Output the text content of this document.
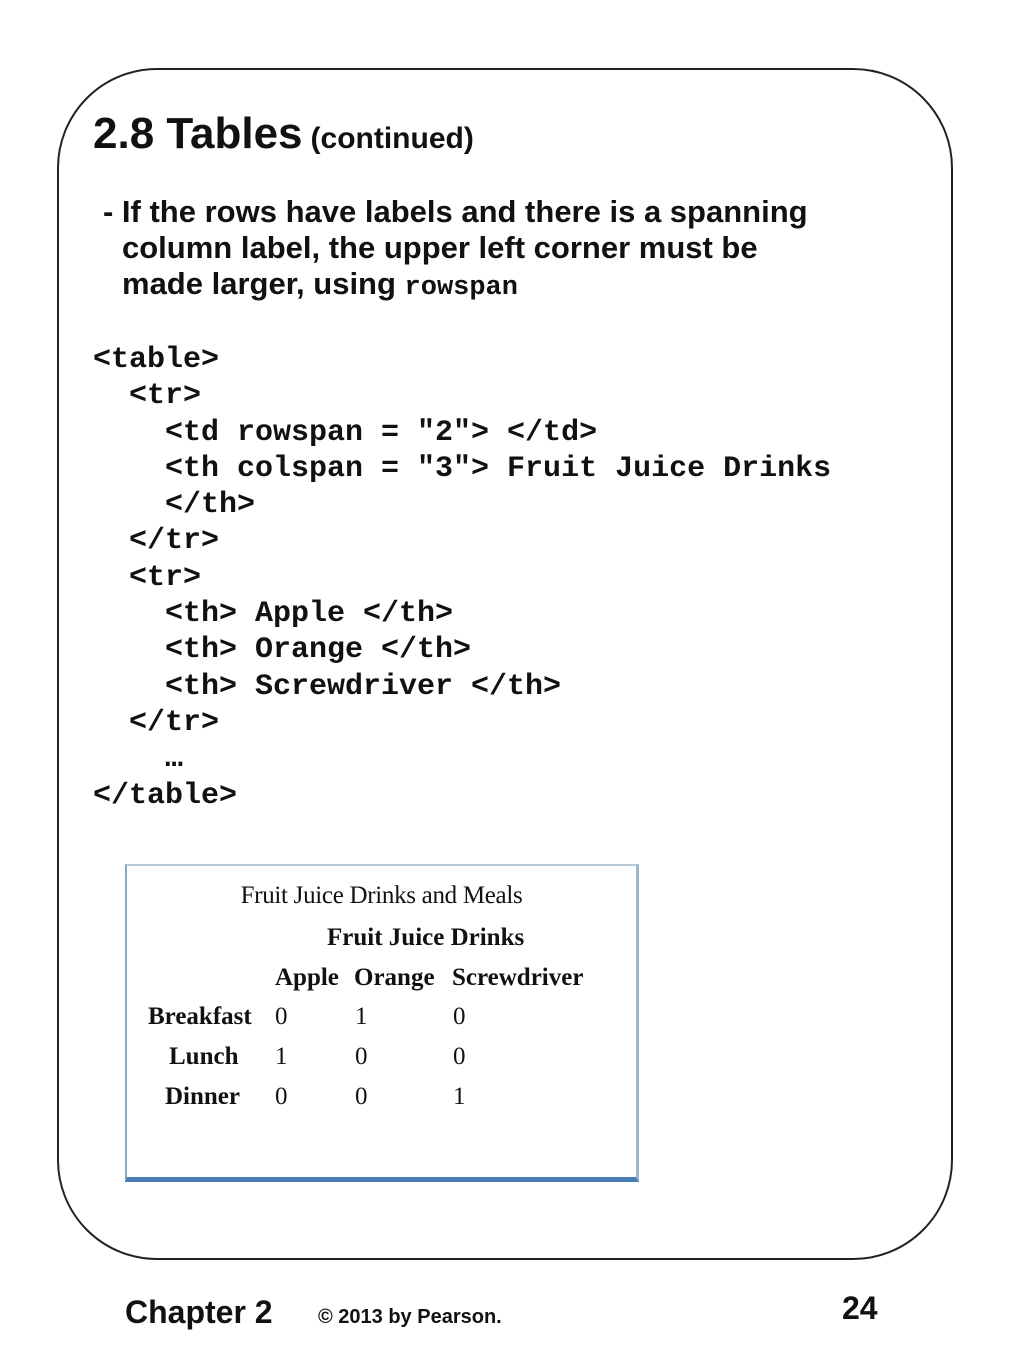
2.8 Tables (continued)

- If the rows have labels and there is a spanning
column label, the upper left corner must be
made larger, using rowspan

<table>
<tr>
<td rowspan = "2"> </td>
<th colspan = "3"> Fruit Juice Drinks
</th>
</tr>
<tr>
<th> Apple </th>
<th> Orange </th>
<th> Screwdriver </th>
</tr>
…
</table>
Fruit Juice Drinks and Meals
Fruit Juice Drinks
Apple Orange Screwdriver
Breakfast 0	1	0
Lunch 1	0	0
Dinner 0	0	1
Chapter 2 © 2013 by Pearson.	24
